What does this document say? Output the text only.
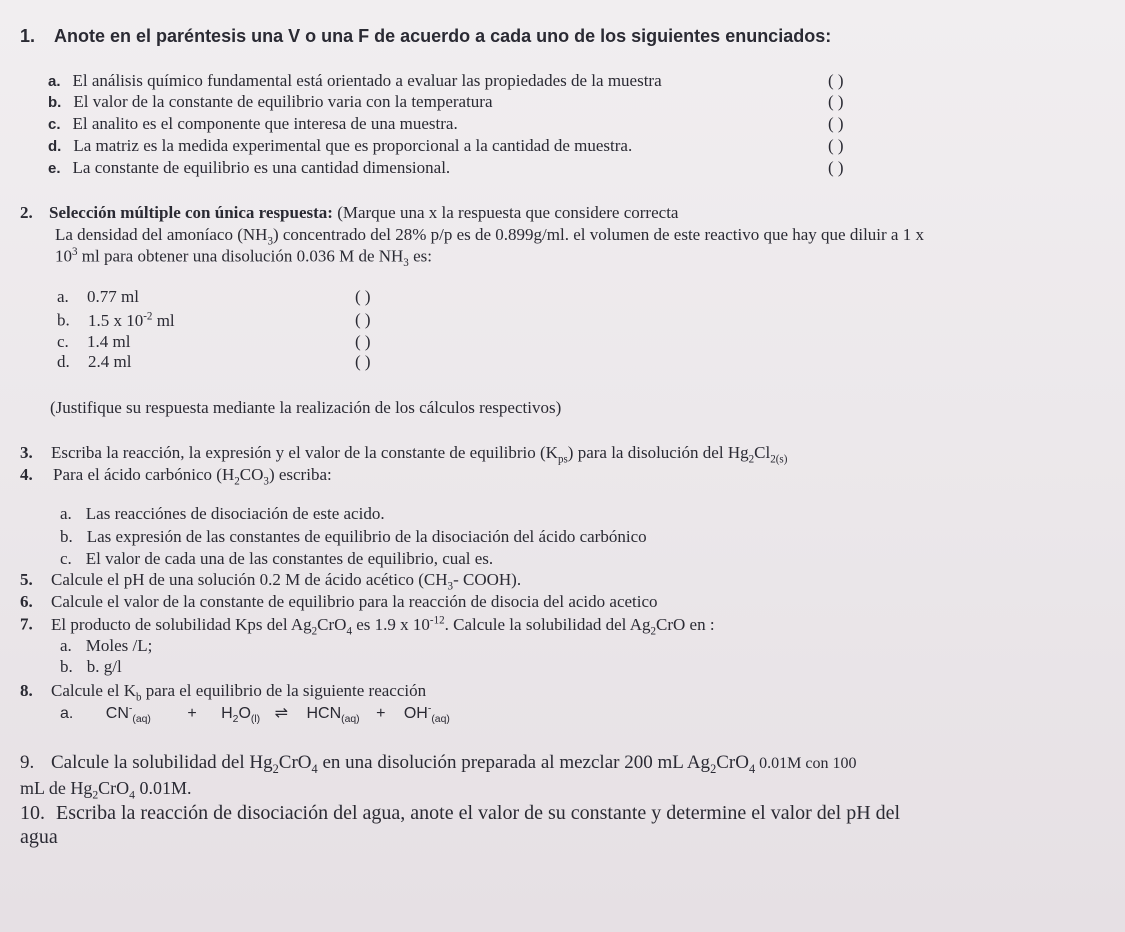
1. Anote en el paréntesis una V o una F de acuerdo a cada uno de los siguientes enunciados:
a. El análisis químico fundamental está orientado a evaluar las propiedades de la muestra	( )
b. El valor de la constante de equilibrio varia con la temperatura	( )
c. El analito es el componente que interesa de una muestra.	( )
d. La matriz es la medida experimental que es proporcional a la cantidad de muestra.	( )
e. La constante de equilibrio es una cantidad dimensional.	( )
2. Selección múltiple con única respuesta: (Marque una x la respuesta que considere correcta
La densidad del amoníaco $(NH_3)$ concentrado del 28% p/p es de 0.899g/ml. el volumen de este reactivo que hay que diluir a 1 x
$10^3$ ml para obtener una disolución 0.036 M de $NH_3$ es:
a. 0.77 ml	( )
b. 1.5 x $10^{-2}$ ml	( )
c. 1.4 ml	( )
d. 2.4 ml	( )
(Justifique su respuesta mediante la realización de los cálculos respectivos)
3. Escriba la reacción, la expresión y el valor de la constante de equilibrio $(K_{ps})$ para la disolución del $Hg_2Cl_{2(s)}$
4. Para el ácido carbónico $(H_2CO_3)$ escriba:
a. Las reacciónes de disociación de este acido.
b. Las expresión de las constantes de equilibrio de la disociación del ácido carbónico
c. El valor de cada una de las constantes de equilibrio, cual es.
5. Calcule el pH de una solución 0.2 M de ácido acético ($CH_3-$ COOH).
6. Calcule el valor de la constante de equilibrio para la reacción de disocia del acido acetico
7. El producto de solubilidad Kps del $Ag_2CrO_4$ es 1.9 x $10^{-12}$. Calcule la solubilidad del $Ag_2CrO$ en :
a. Moles /L;
b. b. g/l
8. Calcule el $K_b$ para el equilibrio de la siguiente reacción
a. $CN^-_{(aq)} + H_2O_{(l)}$ ⇌ $HCN_{(aq)} + OH^-_{(aq)}$
9. Calcule la solubilidad del $Hg_2CrO_4$ en una disolución preparada al mezclar 200 mL $Ag_2CrO_4$ 0.01M con 100
mL de $Hg_2CrO_4$ 0.01M.
10. Escriba la reacción de disociación del agua, anote el valor de su constante y determine el valor del pH del
agua
